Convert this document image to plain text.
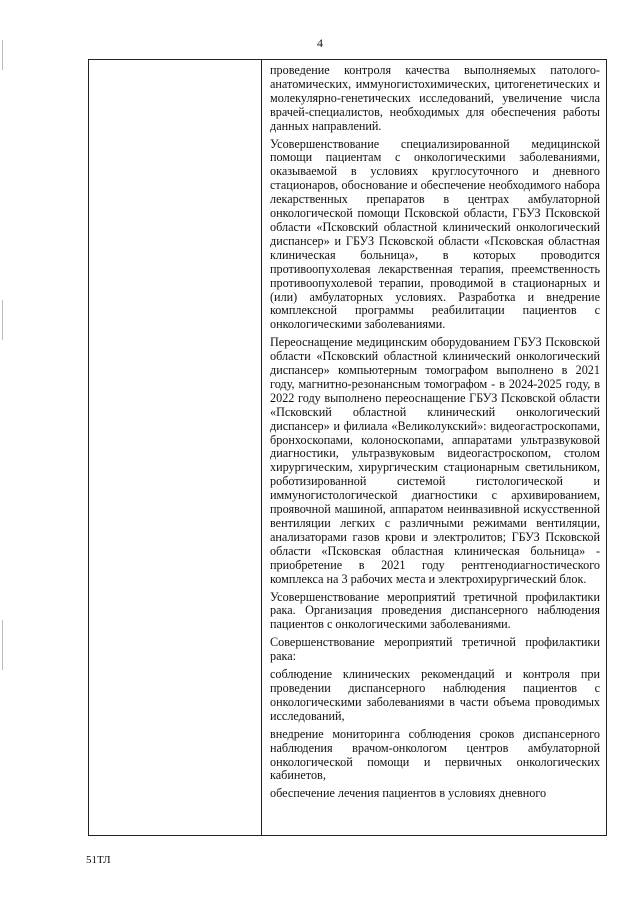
4

проведение контроля качества выполняемых патолого-анатомических, иммуногистохимических, цитогенетических и молекулярно-генетических исследований, увеличение числа врачей-специалистов, необходимых для обеспечения работы данных направлений.

Усовершенствование специализированной медицинской помощи пациентам с онкологическими заболеваниями, оказываемой в условиях круглосуточного и дневного стационаров, обоснование и обеспечение необходимого набора лекарственных препаратов в центрах амбулаторной онкологической помощи Псковской области, ГБУЗ Псковской области «Псковский областной клинический онкологический диспансер» и ГБУЗ Псковской области «Псковская областная клиническая больница», в которых проводится противоопухолевая лекарственная терапия, преемственность противоопухолевой терапии, проводимой в стационарных и (или) амбулаторных условиях. Разработка и внедрение комплексной программы реабилитации пациентов с онкологическими заболеваниями.

Переоснащение медицинским оборудованием ГБУЗ Псковской области «Псковский областной клинический онкологический диспансер» компьютерным томографом выполнено в 2021 году, магнитно-резонансным томографом - в 2024-2025 году, в 2022 году выполнено переоснащение ГБУЗ Псковской области «Псковский областной клинический онкологический диспансер» и филиала «Великолукский»: видеогастроскопами, бронхоскопами, колоноскопами, аппаратами ультразвуковой диагностики, ультразвуковым видеогастроскопом, столом хирургическим, хирургическим стационарным светильником, роботизированной системой гистологической и иммуногистологической диагностики с архивированием, проявочной машиной, аппаратом неинвазивной искусственной вентиляции легких с различными режимами вентиляции, анализаторами газов крови и электролитов; ГБУЗ Псковской области «Псковская областная клиническая больница» - приобретение в 2021 году рентгенодиагностического комплекса на 3 рабочих места и электрохирургический блок.

Усовершенствование мероприятий третичной профилактики рака. Организация проведения диспансерного наблюдения пациентов с онкологическими заболеваниями.

Совершенствование мероприятий третичной профилактики рака:

соблюдение клинических рекомендаций и контроля при проведении диспансерного наблюдения пациентов с онкологическими заболеваниями в части объема проводимых исследований,

внедрение мониторинга соблюдения сроков диспансерного наблюдения врачом-онкологом центров амбулаторной онкологической помощи и первичных онкологических кабинетов,

обеспечение лечения пациентов в условиях дневного

51ТЛ
